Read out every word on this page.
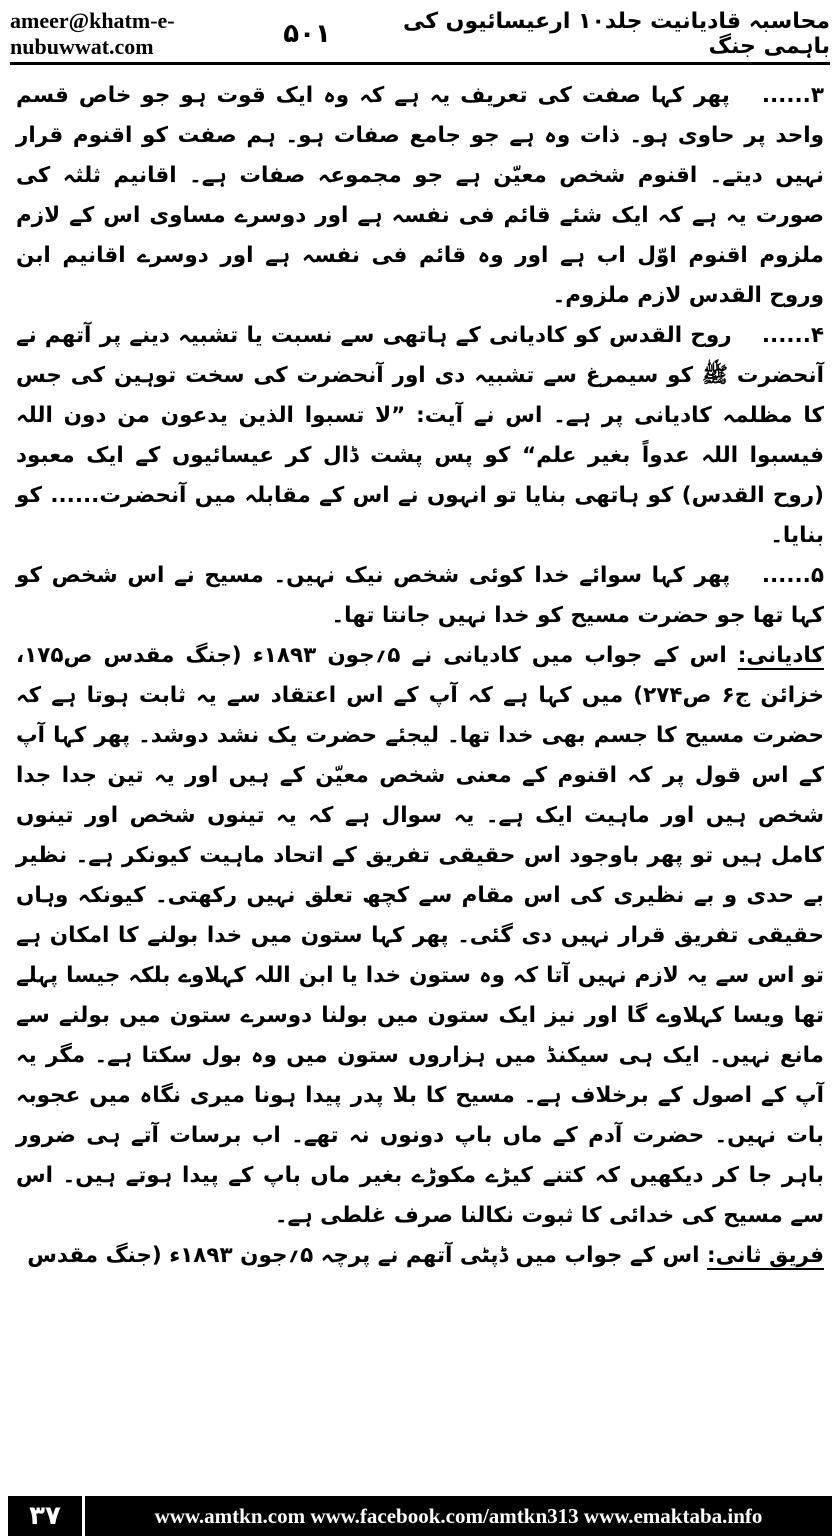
ameer@khatm-e-nubuwwat.com	۵۰۱	محاسبہ قادیانیت جلد۱۰ ارعیسائیوں کی باہمی جنگ

۳...... پھر کہا صفت کی تعریف یہ ہے کہ وہ ایک قوت ہو جو خاص قسم واحد پر حاوی ہو۔ ذات وہ ہے جو جامع صفات ہو۔ ہم صفت کو اقنوم قرار نہیں دیتے۔ اقنوم شخص معیّن ہے جو مجموعہ صفات ہے۔ اقانیم ثلثہ کی صورت یہ ہے کہ ایک شئے قائم فی نفسہ ہے اور دوسرے مساوی اس کے لازم ملزوم اقنوم اوّل اب ہے اور وہ قائم فی نفسہ ہے اور دوسرے اقانیم ابن وروح القدس لازم ملزوم۔

۴...... روح القدس کو کادیانی کے ہاتھی سے نسبت یا تشبیہ دینے پر آتھم نے آنحضرت ﷺ کو سیمرغ سے تشبیہ دی اور آنحضرت کی سخت توہین کی جس کا مظلمہ کادیانی پر ہے۔ اس نے آیت: ”لا تسبوا الذین یدعون من دون اللہ فیسبوا اللہ عدواً بغیر علم“ کو پس پشت ڈال کر عیسائیوں کے ایک معبود (روح القدس) کو ہاتھی بنایا تو انہوں نے اس کے مقابلہ میں آنحضرت...... کو بنایا۔

۵...... پھر کہا سوائے خدا کوئی شخص نیک نہیں۔ مسیح نے اس شخص کو کہا تھا جو حضرت مسیح کو خدا نہیں جانتا تھا۔

کادیانی: اس کے جواب میں کادیانی نے ۵؍جون ۱۸۹۳ء (جنگ مقدس ص۱۷۵، خزائن ج۶ ص۲۷۴) میں کہا ہے کہ آپ کے اس اعتقاد سے یہ ثابت ہوتا ہے کہ حضرت مسیح کا جسم بھی خدا تھا۔ لیجئے حضرت یک نشد دوشد۔ پھر کہا آپ کے اس قول پر کہ اقنوم کے معنی شخص معیّن کے ہیں اور یہ تین جدا جدا شخص ہیں اور ماہیت ایک ہے۔ یہ سوال ہے کہ یہ تینوں شخص اور تینوں کامل ہیں تو پھر باوجود اس حقیقی تفریق کے اتحاد ماہیت کیونکر ہے۔ نظیر بے حدی و بے نظیری کی اس مقام سے کچھ تعلق نہیں رکھتی۔ کیونکہ وہاں حقیقی تفریق قرار نہیں دی گئی۔ پھر کہا ستون میں خدا بولنے کا امکان ہے تو اس سے یہ لازم نہیں آتا کہ وہ ستون خدا یا ابن اللہ کہلاوے بلکہ جیسا پہلے تھا ویسا کہلاوے گا اور نیز ایک ستون میں بولنا دوسرے ستون میں بولنے سے مانع نہیں۔ ایک ہی سیکنڈ میں ہزاروں ستون میں وہ بول سکتا ہے۔ مگر یہ آپ کے اصول کے برخلاف ہے۔ مسیح کا بلا پدر پیدا ہونا میری نگاہ میں عجوبہ بات نہیں۔ حضرت آدم کے ماں باپ دونوں نہ تھے۔ اب برسات آتے ہی ضرور باہر جا کر دیکھیں کہ کتنے کیڑے مکوڑے بغیر ماں باپ کے پیدا ہوتے ہیں۔ اس سے مسیح کی خدائی کا ثبوت نکالنا صرف غلطی ہے۔

فریق ثانی: اس کے جواب میں ڈپٹی آتھم نے پرچہ ۵؍جون ۱۸۹۳ء (جنگ مقدس

۳۷	www.amtkn.com www.facebook.com/amtkn313 www.emaktaba.info
